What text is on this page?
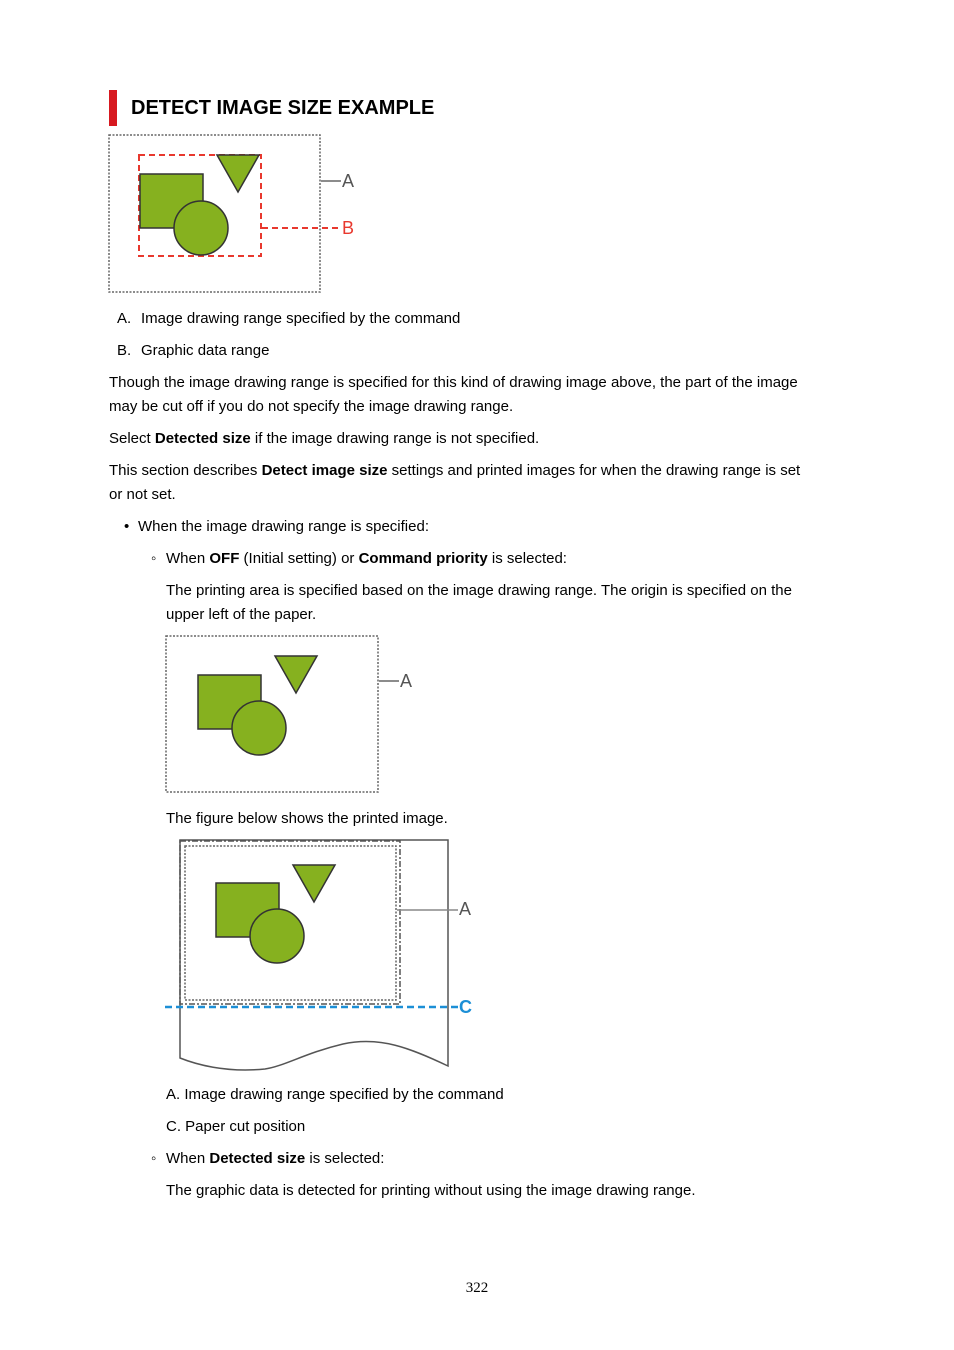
DETECT IMAGE SIZE EXAMPLE
A
B
A. Image drawing range specified by the command
B. Graphic data range
Though the image drawing range is specified for this kind of drawing image above, the part of the image
may be cut off if you do not specify the image drawing range.
Select Detected size if the image drawing range is not specified.
This section describes Detect image size settings and printed images for when the drawing range is set
or not set.
• When the image drawing range is specified:
◦ When OFF (Initial setting) or Command priority is selected:
The printing area is specified based on the image drawing range. The origin is specified on the
upper left of the paper.
A
The figure below shows the printed image.
A
C
A. Image drawing range specified by the command
C. Paper cut position
◦ When Detected size is selected:
The graphic data is detected for printing without using the image drawing range.
322
